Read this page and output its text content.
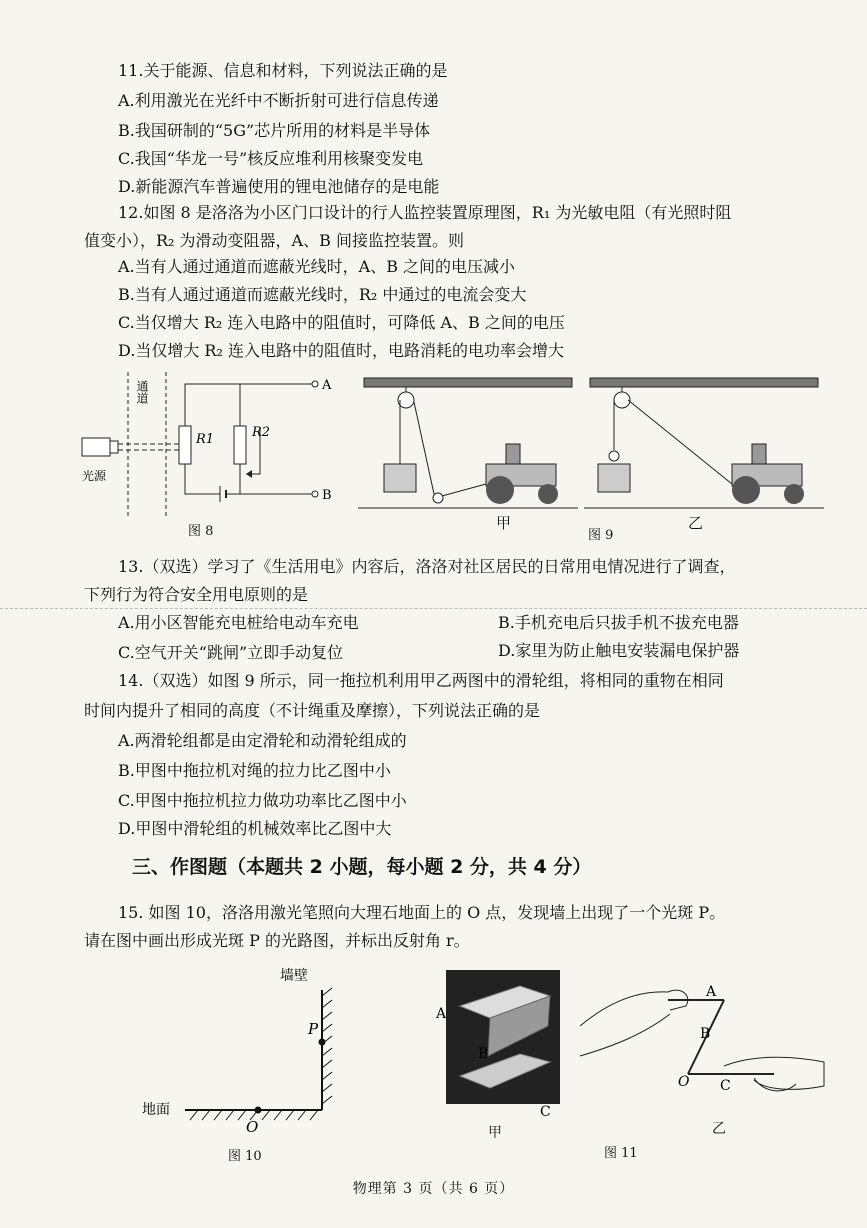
11.关于能源、信息和材料，下列说法正确的是
A.利用激光在光纤中不断折射可进行信息传递
B.我国研制的“5G”芯片所用的材料是半导体
C.我国“华龙一号”核反应堆利用核聚变发电
D.新能源汽车普遍使用的锂电池储存的是电能
12.如图 8 是洛洛为小区门口设计的行人监控装置原理图，R₁ 为光敏电阻（有光照时阻
值变小），R₂ 为滑动变阻器，A、B 间接监控装置。则
A.当有人通过通道而遮蔽光线时，A、B 之间的电压减小
B.当有人通过通道而遮蔽光线时，R₂ 中通过的电流会变大
C.当仅增大 R₂ 连入电路中的阻值时，可降低 A、B 之间的电压
D.当仅增大 R₂ 连入电路中的阻值时，电路消耗的电功率会增大
通道
光源
A
R1
B
R2
图 8	甲
图 9
乙
13.（双选）学习了《生活用电》内容后，洛洛对社区居民的日常用电情况进行了调查，
下列行为符合安全用电原则的是
A.用小区智能充电桩给电动车充电	B.手机充电后只拔手机不拔充电器
C.空气开关“跳闸”立即手动复位	D.家里为防止触电安装漏电保护器
14.（双选）如图 9 所示，同一拖拉机利用甲乙两图中的滑轮组，将相同的重物在相同
时间内提升了相同的高度（不计绳重及摩擦），下列说法正确的是
A.两滑轮组都是由定滑轮和动滑轮组成的
B.甲图中拖拉机对绳的拉力比乙图中小
C.甲图中拖拉机拉力做功功率比乙图中小
D.甲图中滑轮组的机械效率比乙图中大
三、作图题（本题共 2 小题，每小题 2 分，共 4 分）
15. 如图 10，洛洛用激光笔照向大理石地面上的 O 点，发现墙上出现了一个光斑 P。
请在图中画出形成光斑 P 的光路图，并标出反射角 r。
墙壁
P
O
地面
图 10
A
B
C
甲
A
B
C
O
图 11
乙
物理第 3 页（共 6 页）
